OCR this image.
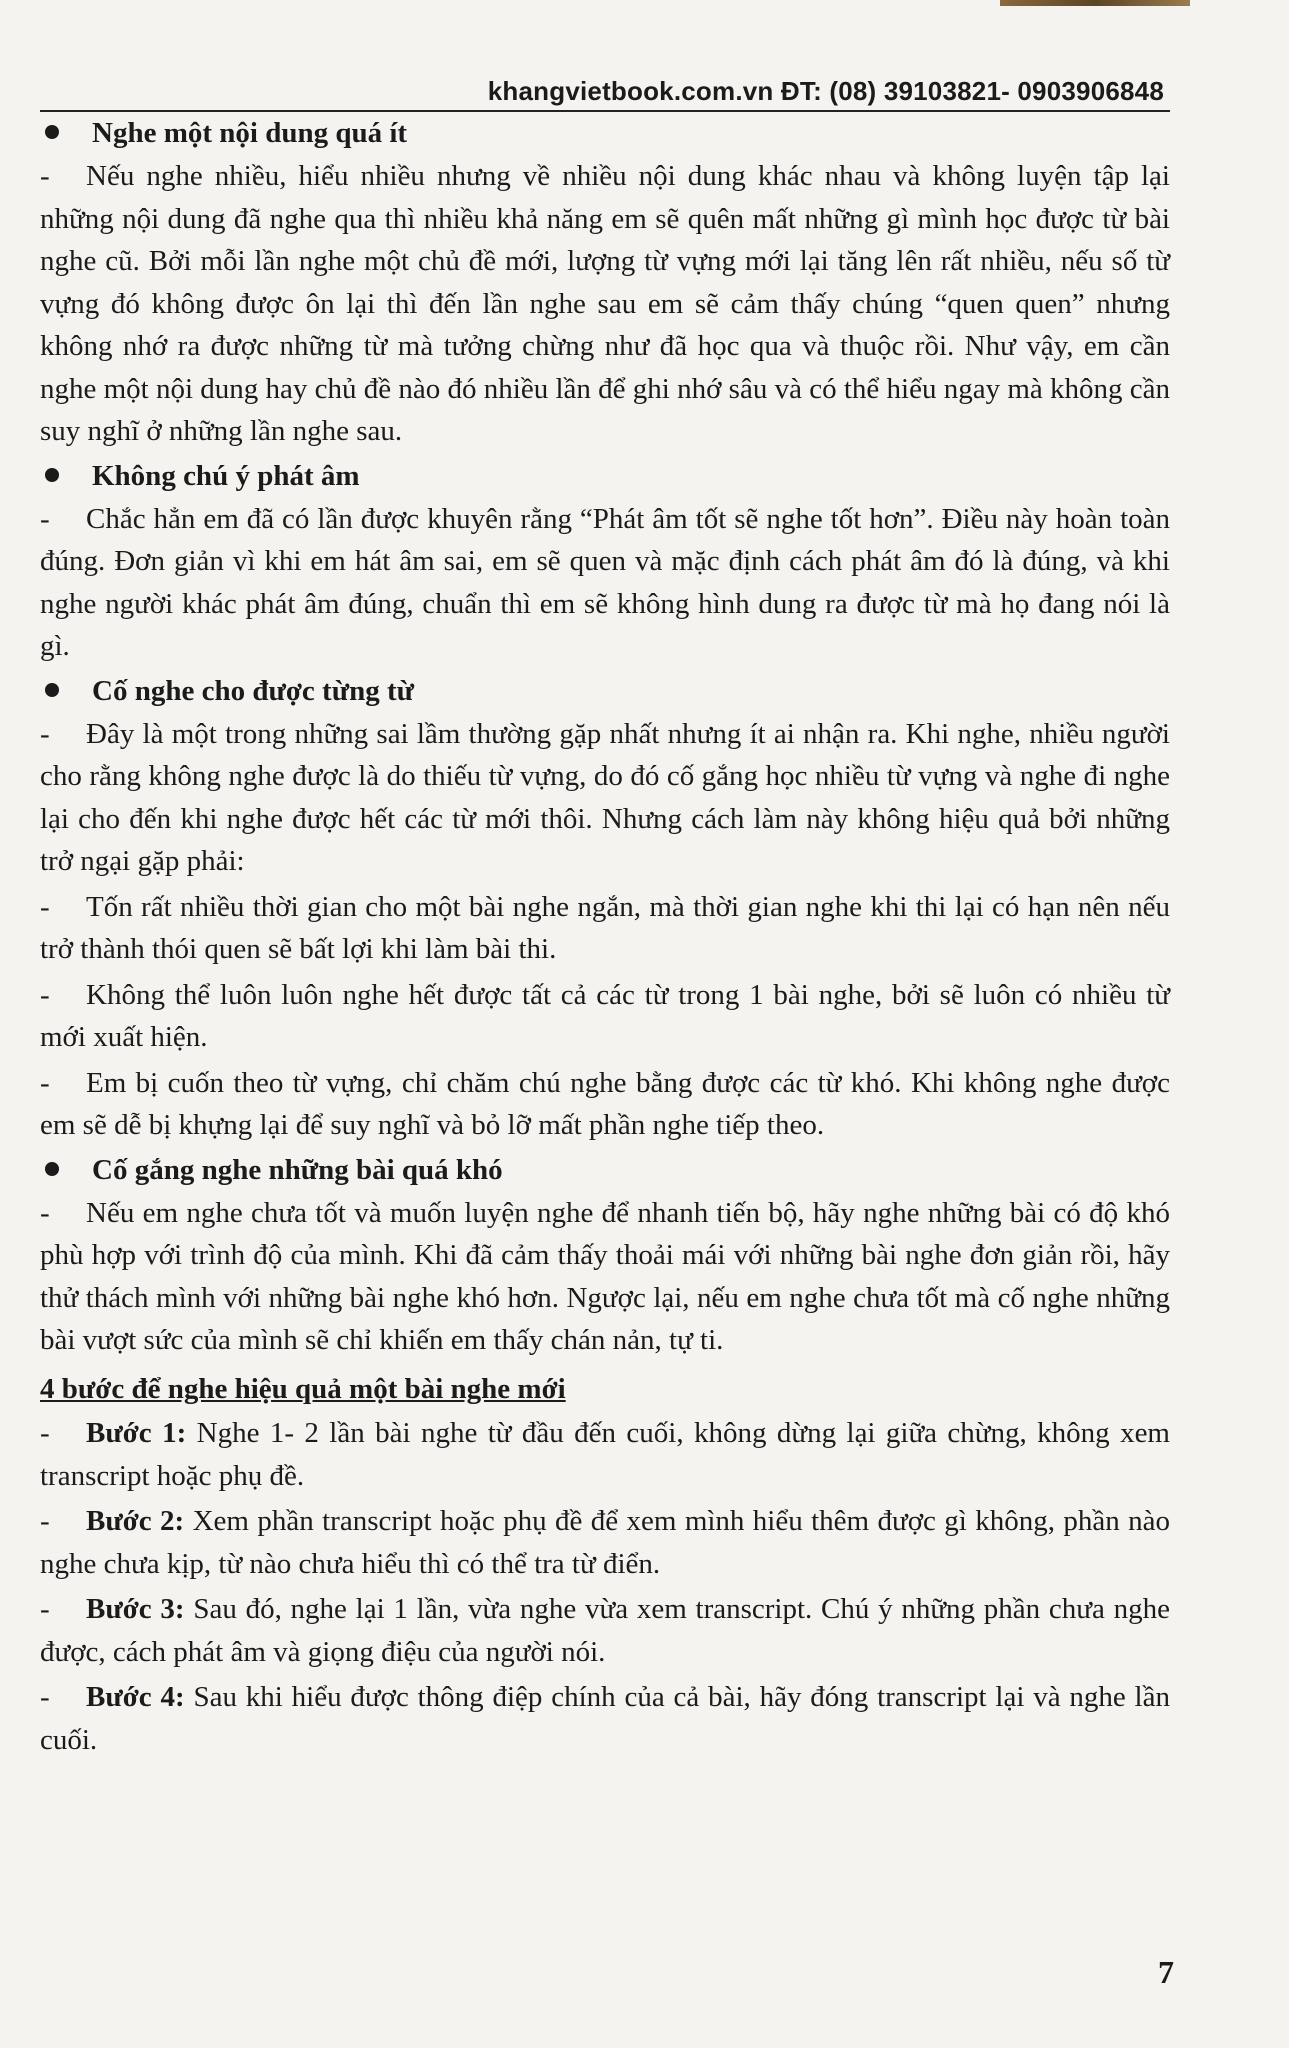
khangvietbook.com.vn ĐT: (08) 39103821- 0903906848
Nghe một nội dung quá ít
- Nếu nghe nhiều, hiểu nhiều nhưng về nhiều nội dung khác nhau và không luyện tập lại những nội dung đã nghe qua thì nhiều khả năng em sẽ quên mất những gì mình học được từ bài nghe cũ. Bởi mỗi lần nghe một chủ đề mới, lượng từ vựng mới lại tăng lên rất nhiều, nếu số từ vựng đó không được ôn lại thì đến lần nghe sau em sẽ cảm thấy chúng “quen quen” nhưng không nhớ ra được những từ mà tưởng chừng như đã học qua và thuộc rồi. Như vậy, em cần nghe một nội dung hay chủ đề nào đó nhiều lần để ghi nhớ sâu và có thể hiểu ngay mà không cần suy nghĩ ở những lần nghe sau.
Không chú ý phát âm
- Chắc hẳn em đã có lần được khuyên rằng “Phát âm tốt sẽ nghe tốt hơn”. Điều này hoàn toàn đúng. Đơn giản vì khi em hát âm sai, em sẽ quen và mặc định cách phát âm đó là đúng, và khi nghe người khác phát âm đúng, chuẩn thì em sẽ không hình dung ra được từ mà họ đang nói là gì.
Cố nghe cho được từng từ
- Đây là một trong những sai lầm thường gặp nhất nhưng ít ai nhận ra. Khi nghe, nhiều người cho rằng không nghe được là do thiếu từ vựng, do đó cố gắng học nhiều từ vựng và nghe đi nghe lại cho đến khi nghe được hết các từ mới thôi. Nhưng cách làm này không hiệu quả bởi những trở ngại gặp phải:
- Tốn rất nhiều thời gian cho một bài nghe ngắn, mà thời gian nghe khi thi lại có hạn nên nếu trở thành thói quen sẽ bất lợi khi làm bài thi.
- Không thể luôn luôn nghe hết được tất cả các từ trong 1 bài nghe, bởi sẽ luôn có nhiều từ mới xuất hiện.
- Em bị cuốn theo từ vựng, chỉ chăm chú nghe bằng được các từ khó. Khi không nghe được em sẽ dễ bị khựng lại để suy nghĩ và bỏ lỡ mất phần nghe tiếp theo.
Cố gắng nghe những bài quá khó
- Nếu em nghe chưa tốt và muốn luyện nghe để nhanh tiến bộ, hãy nghe những bài có độ khó phù hợp với trình độ của mình. Khi đã cảm thấy thoải mái với những bài nghe đơn giản rồi, hãy thử thách mình với những bài nghe khó hơn. Ngược lại, nếu em nghe chưa tốt mà cố nghe những bài vượt sức của mình sẽ chỉ khiến em thấy chán nản, tự ti.
4 bước để nghe hiệu quả một bài nghe mới
- Bước 1: Nghe 1- 2 lần bài nghe từ đầu đến cuối, không dừng lại giữa chừng, không xem transcript hoặc phụ đề.
- Bước 2: Xem phần transcript hoặc phụ đề để xem mình hiểu thêm được gì không, phần nào nghe chưa kịp, từ nào chưa hiểu thì có thể tra từ điển.
- Bước 3: Sau đó, nghe lại 1 lần, vừa nghe vừa xem transcript. Chú ý những phần chưa nghe được, cách phát âm và giọng điệu của người nói.
- Bước 4: Sau khi hiểu được thông điệp chính của cả bài, hãy đóng transcript lại và nghe lần cuối.
7
